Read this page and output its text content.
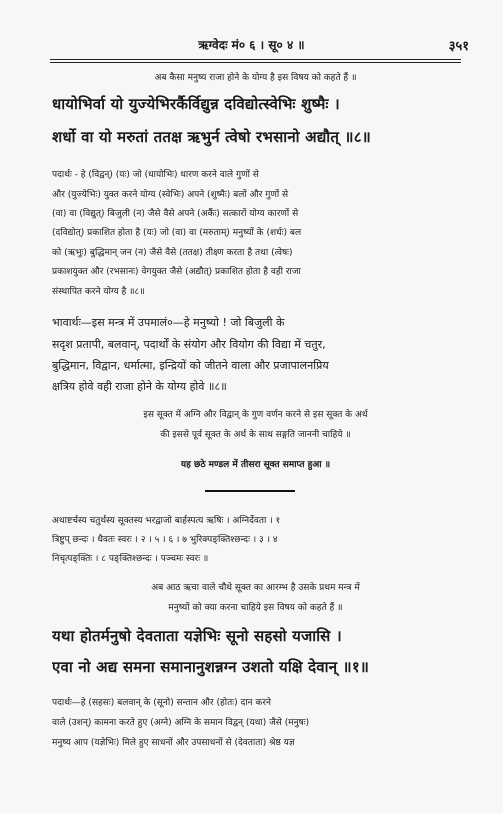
ऋग्वेदः मं० ६ । सू० ४ ॥	३५१
अब कैसा मनुष्य राजा होने के योग्य है इस विषय को कहते हैं ॥
धायोभिर्वा यो युज्येभिरर्कैर्विद्युन्न दविद्योत्स्वेभिः शुष्मैः ।
शर्धो वा यो मरुतां ततक्ष ऋभुर्न त्वेषो रभसानो अद्यौत् ॥८॥
पदार्थः - हे (विद्वन्) (यः) जो (धायोभिः) धारण करने वाले गुणों से
और (युज्येभिः) युक्त करने योग्य (स्वेभिः) अपने (शुष्मैः) बलों और गुणों से
(वा) वा (विद्युत्) बिजुली (न) जैसे वैसे अपने (अर्कैः) सत्कारों योग्य कारणों से
(दविद्योत्) प्रकाशित होता है (यः) जो (वा) वा (मरुताम्) मनुष्यों के (शर्धः) बल
को (ऋभुः) बुद्धिमान् जन (न) जैसे वैसे (ततक्ष) तीक्ष्ण करता है तथा (त्वेषः)
प्रकाशयुक्त और (रभसानः) वेगयुक्त जैसे (अद्यौत्) प्रकाशित होता है वही राजा
संस्थापित करने योग्य है ॥८॥
भावार्थः—इस मन्त्र में उपमालं०—हे मनुष्यो ! जो बिजुली के
सदृश प्रतापी, बलवान्, पदार्थों के संयोग और वियोग की विद्या में चतुर,
बुद्धिमान, विद्वान, धर्मात्मा, इन्द्रियों को जीतने वाला और प्रजापालनप्रिय
क्षत्रिय होवे वही राजा होने के योग्य होवे ॥८॥
इस सूक्त में अग्नि और विद्वान् के गुण वर्णन करने से इस सूक्त के अर्थ
की इससे पूर्व सूक्त के अर्थ के साथ सङ्गति जाननी चाहिये ॥
यह छठे मण्डल में तीसरा सूक्त समाप्त हुआ ॥
अथाष्टर्चस्य चतुर्थस्य सूक्तस्य भरद्वाजो बार्हस्पत्य ऋषिः । अग्निर्देवता । १
त्रिष्टुप् छन्दः । धैवतः स्वरः । २ । ५ । ६ । ७ भुरिक्पङ्क्तिश्छन्दः । ३ । ४
निचृत्पङ्क्तिः । ८ पङ्क्तिश्छन्दः । पञ्चमः स्वरः ॥
अब आठ ऋचा वाले चौथे सूक्त का आरम्भ है उसके प्रथम मन्त्र में
मनुष्यों को क्या करना चाहिये इस विषय को कहते हैं ॥
यथा होतर्मनुषो देवताता यज्ञेभिः सूनो सहसो यजासि ।
एवा नो अद्य समना समानानुशन्नग्न उशतो यक्षि देवान् ॥१॥
पदार्थः—हे (सहसः) बलवान् के (सूनो) सन्तान और (होतः) दान करने
वाले (उशन्) कामना करते हुए (अग्ने) अग्नि के समान विद्वन् (यथा) जैसे (मनुषः)
मनुष्य आप (यज्ञेभिः) मिले हुए साधनों और उपसाधनों से (देवताता) श्रेष्ठ यज्ञ
